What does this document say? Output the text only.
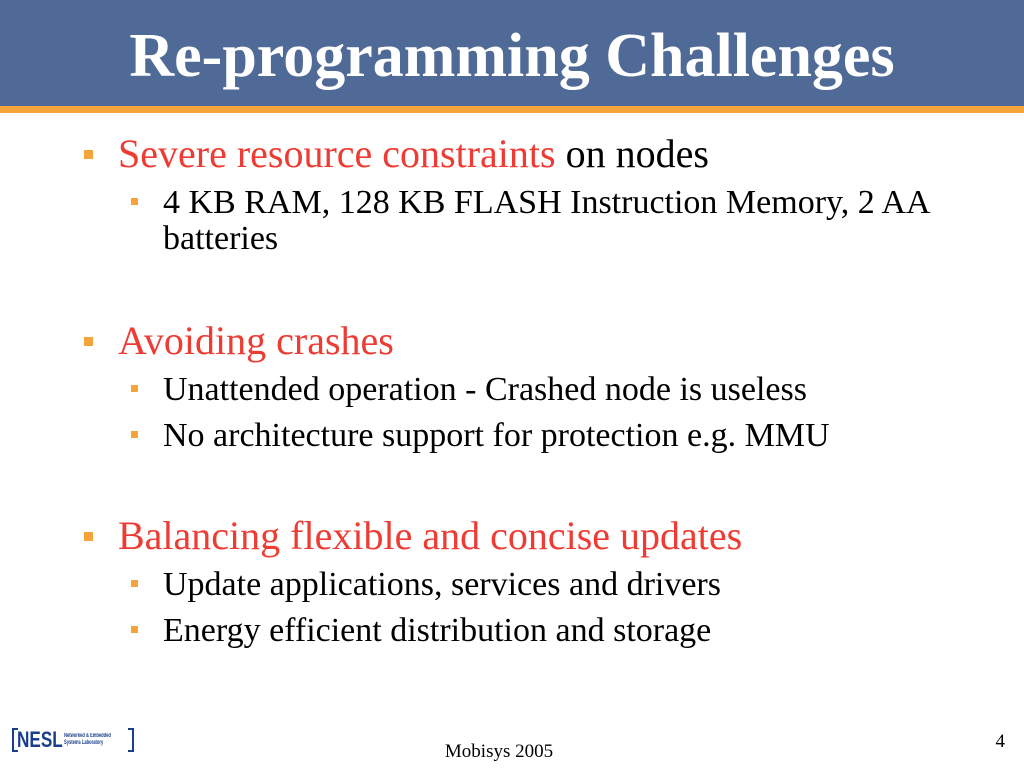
Re-programming Challenges
Severe resource constraints on nodes
4 KB RAM, 128 KB FLASH Instruction Memory, 2 AA batteries
Avoiding crashes
Unattended operation - Crashed node is useless
No architecture support for protection e.g. MMU
Balancing flexible and concise updates
Update applications, services and drivers
Energy efficient distribution and storage
NESL Networked & Embedded
Systems Laboratory	Mobisys 2005	4
